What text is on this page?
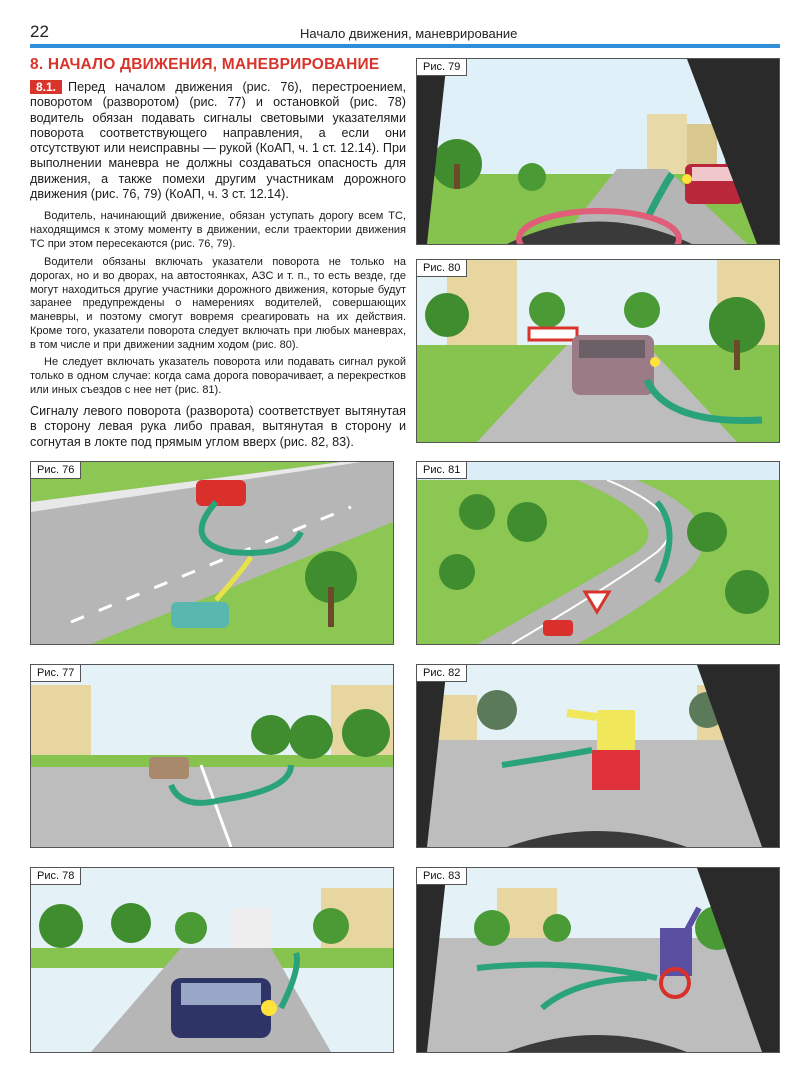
22	Начало движения, маневрирование
8. НАЧАЛО ДВИЖЕНИЯ, МАНЕВРИРОВАНИЕ

8.1. Перед началом движения (рис. 76), перестроением, поворотом (разворотом) (рис. 77) и остановкой (рис. 78) водитель обязан подавать сигналы световыми указателями поворота соответствующего направления, а если они отсутствуют или неисправны — рукой (КоАП, ч. 1 ст. 12.14). При выполнении маневра не должны создаваться опасность для движения, а также помехи другим участникам дорожного движения (рис. 76, 79) (КоАП, ч. 3 ст. 12.14).

Водитель, начинающий движение, обязан уступать дорогу всем ТС, находящимся к этому моменту в движении, если траектории движения ТС при этом пересекаются (рис. 76, 79).

Водители обязаны включать указатели поворота не только на дорогах, но и во дворах, на автостоянках, АЗС и т. п., то есть везде, где могут находиться другие участники дорожного движения, которые будут заранее предупреждены о намерениях водителей, совершающих маневры, и поэтому смогут вовремя среагировать на их действия. Кроме того, указатели поворота следует включать при любых маневрах, в том числе и при движении задним ходом (рис. 80).

Не следует включать указатель поворота или подавать сигнал рукой только в одном случае: когда сама дорога поворачивает, а перекрестков или иных съездов с нее нет (рис. 81).

Сигналу левого поворота (разворота) соответствует вытянутая в сторону левая рука либо правая, вытянутая в сторону и согнутая в локте под прямым углом вверх (рис. 82, 83).

Рис. 79
Рис. 80
Рис. 76	Рис. 81
Рис. 77	Рис. 82
Рис. 78	Рис. 83
